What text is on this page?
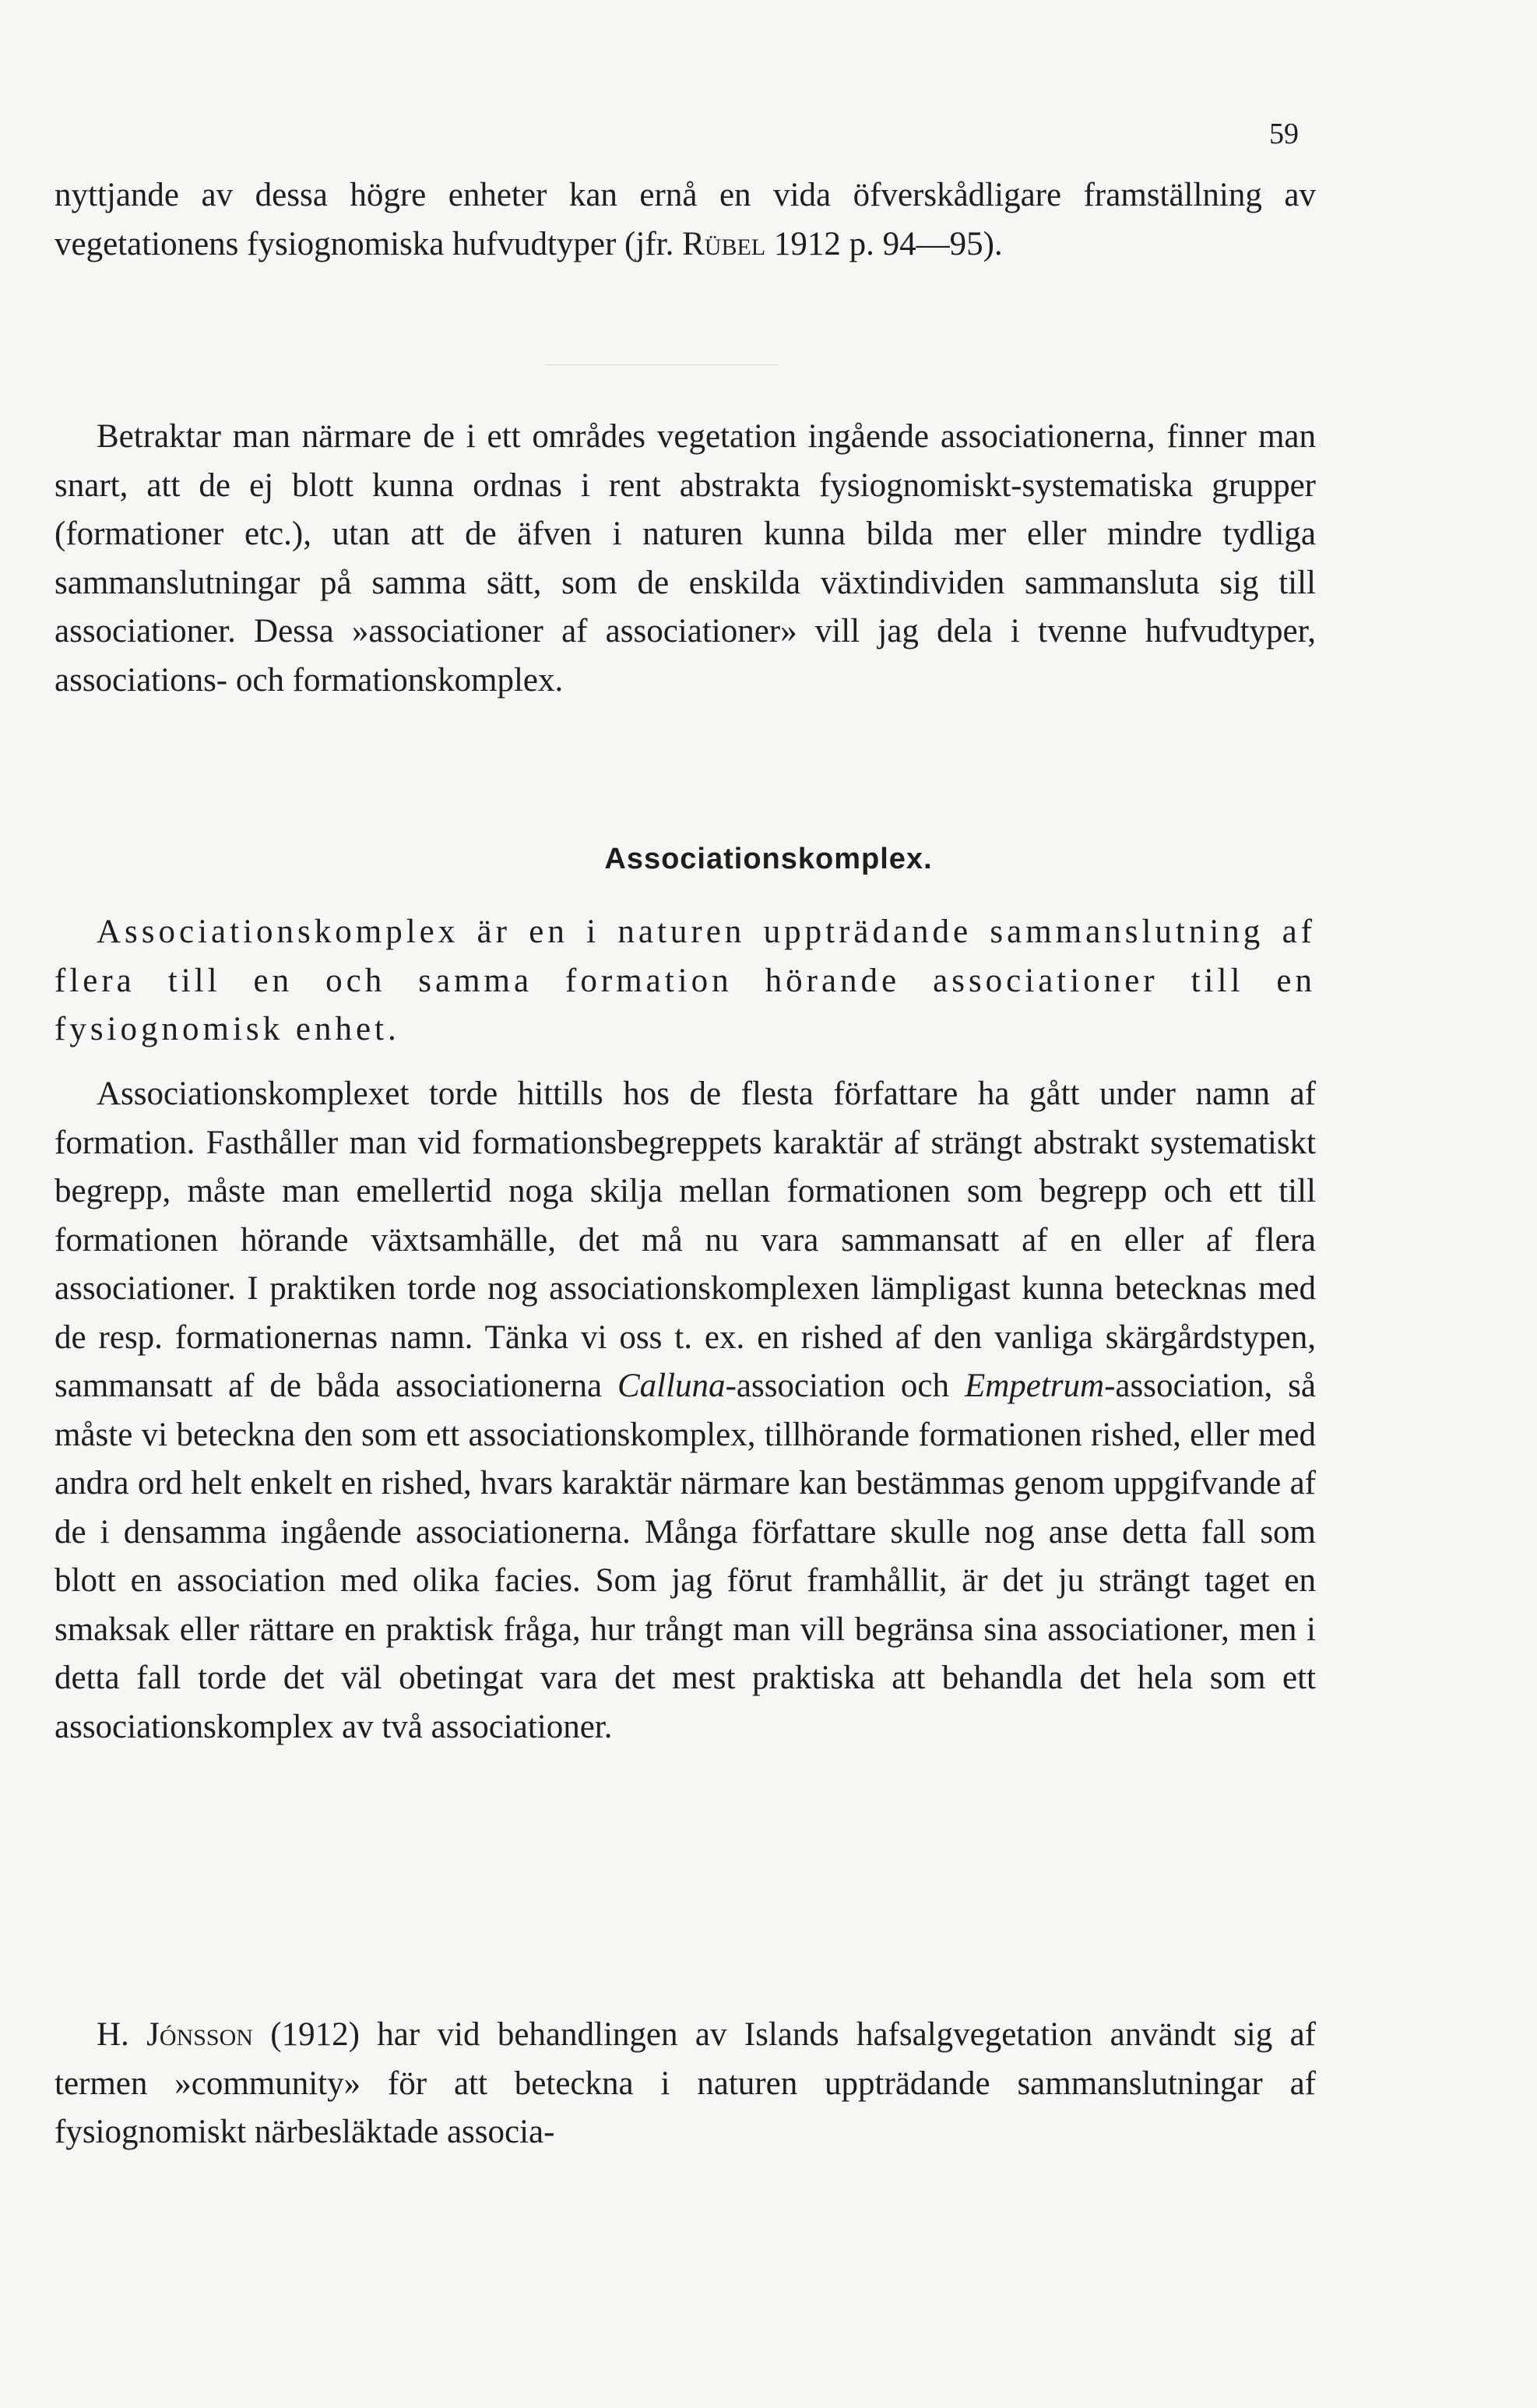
59

nyttjande av dessa högre enheter kan ernå en vida öfverskådligare framställning av vegetationens fysiognomiska hufvudtyper (jfr. Rübel 1912 p. 94—95).

Betraktar man närmare de i ett områdes vegetation ingående associationerna, finner man snart, att de ej blott kunna ordnas i rent abstrakta fysiognomiskt-systematiska grupper (formationer etc.), utan att de äfven i naturen kunna bilda mer eller mindre tydliga sammanslutningar på samma sätt, som de enskilda växtindividen sammansluta sig till associationer. Dessa »associationer af associationer» vill jag dela i tvenne hufvudtyper, associations- och formationskomplex.

Associationskomplex.

Associationskomplex är en i naturen uppträdande sammanslutning af flera till en och samma formation hörande associationer till en fysiognomisk enhet.

Associationskomplexet torde hittills hos de flesta författare ha gått under namn af formation. Fasthåller man vid formationsbegreppets karaktär af strängt abstrakt systematiskt begrepp, måste man emellertid noga skilja mellan formationen som begrepp och ett till formationen hörande växtsamhälle, det må nu vara sammansatt af en eller af flera associationer. I praktiken torde nog associationskomplexen lämpligast kunna betecknas med de resp. formationernas namn. Tänka vi oss t. ex. en rished af den vanliga skärgårdstypen, sammansatt af de båda associationerna Calluna-association och Empetrum-association, så måste vi beteckna den som ett associationskomplex, tillhörande formationen rished, eller med andra ord helt enkelt en rished, hvars karaktär närmare kan bestämmas genom uppgifvande af de i densamma ingående associationerna. Många författare skulle nog anse detta fall som blott en association med olika facies. Som jag förut framhållit, är det ju strängt taget en smaksak eller rättare en praktisk fråga, hur trångt man vill begränsa sina associationer, men i detta fall torde det väl obetingat vara det mest praktiska att behandla det hela som ett associationskomplex av två associationer.

H. Jónsson (1912) har vid behandlingen av Islands hafsalgvegetation användt sig af termen »community» för att beteckna i naturen uppträdande sammanslutningar af fysiognomiskt närbesläktade associa-
